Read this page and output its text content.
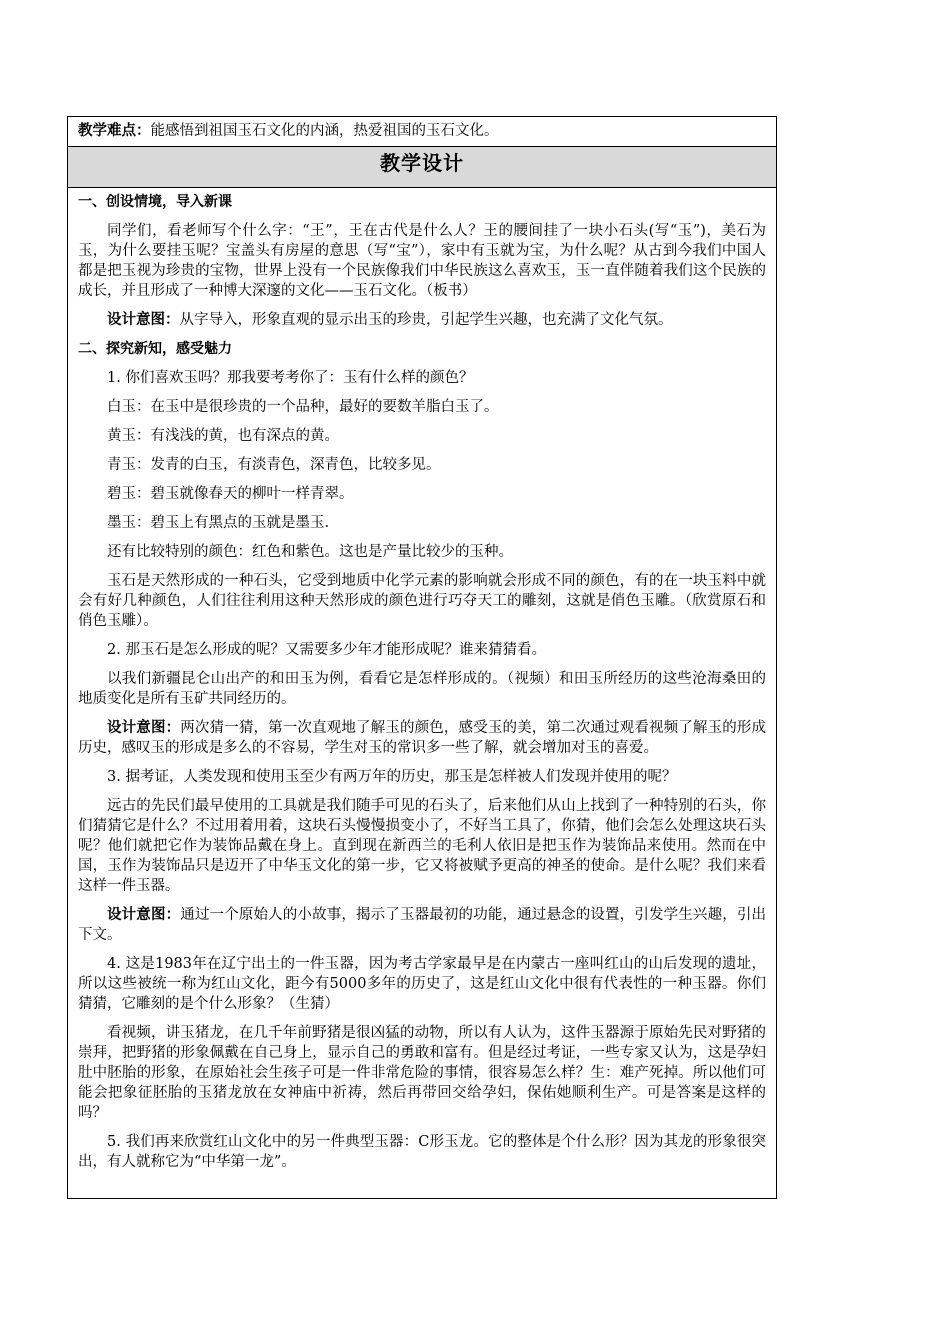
教学难点：能感悟到祖国玉石文化的内涵，热爱祖国的玉石文化。
教学设计

一、创设情境，导入新课

同学们，看老师写个什么字：“王”，王在古代是什么人？王的腰间挂了一块小石头(写“玉”)，美石为玉，为什么要挂玉呢？宝盖头有房屋的意思（写“宝”），家中有玉就为宝，为什么呢？从古到今我们中国人都是把玉视为珍贵的宝物，世界上没有一个民族像我们中华民族这么喜欢玉，玉一直伴随着我们这个民族的成长，并且形成了一种博大深邃的文化——玉石文化。（板书）

设计意图：从字导入，形象直观的显示出玉的珍贵，引起学生兴趣，也充满了文化气氛。

二、探究新知，感受魅力

1. 你们喜欢玉吗？那我要考考你了：玉有什么样的颜色？

白玉：在玉中是很珍贵的一个品种，最好的要数羊脂白玉了。

黄玉：有浅浅的黄，也有深点的黄。

青玉：发青的白玉，有淡青色，深青色，比较多见。

碧玉：碧玉就像春天的柳叶一样青翠。

墨玉：碧玉上有黑点的玉就是墨玉.

还有比较特别的颜色：红色和紫色。这也是产量比较少的玉种。

玉石是天然形成的一种石头，它受到地质中化学元素的影响就会形成不同的颜色，有的在一块玉料中就会有好几种颜色，人们往往利用这种天然形成的颜色进行巧夺天工的雕刻，这就是俏色玉雕。（欣赏原石和俏色玉雕）。

2. 那玉石是怎么形成的呢？又需要多少年才能形成呢？谁来猜猜看。

以我们新疆昆仑山出产的和田玉为例，看看它是怎样形成的。（视频）和田玉所经历的这些沧海桑田的地质变化是所有玉矿共同经历的。

设计意图：两次猜一猜，第一次直观地了解玉的颜色，感受玉的美，第二次通过观看视频了解玉的形成历史，感叹玉的形成是多么的不容易，学生对玉的常识多一些了解，就会增加对玉的喜爱。

3. 据考证，人类发现和使用玉至少有两万年的历史，那玉是怎样被人们发现并使用的呢？

远古的先民们最早使用的工具就是我们随手可见的石头了，后来他们从山上找到了一种特别的石头，你们猜猜它是什么？不过用着用着，这块石头慢慢损变小了，不好当工具了，你猜，他们会怎么处理这块石头呢？他们就把它作为装饰品戴在身上。直到现在新西兰的毛利人依旧是把玉作为装饰品来使用。然而在中国，玉作为装饰品只是迈开了中华玉文化的第一步，它又将被赋予更高的神圣的使命。是什么呢？我们来看这样一件玉器。

设计意图：通过一个原始人的小故事，揭示了玉器最初的功能，通过悬念的设置，引发学生兴趣，引出下文。

4. 这是1983年在辽宁出土的一件玉器，因为考古学家最早是在内蒙古一座叫红山的山后发现的遗址，所以这些被统一称为红山文化，距今有5000多年的历史了，这是红山文化中很有代表性的一种玉器。你们猜猜，它雕刻的是个什么形象？（生猜）

看视频，讲玉猪龙，在几千年前野猪是很凶猛的动物，所以有人认为，这件玉器源于原始先民对野猪的崇拜，把野猪的形象佩戴在自己身上，显示自己的勇敢和富有。但是经过考证，一些专家又认为，这是孕妇肚中胚胎的形象，在原始社会生孩子可是一件非常危险的事情，很容易怎么样？生：难产死掉。所以他们可能会把象征胚胎的玉猪龙放在女神庙中祈祷，然后再带回交给孕妇，保佑她顺利生产。可是答案是这样的吗？

5. 我们再来欣赏红山文化中的另一件典型玉器：C形玉龙。它的整体是个什么形？因为其龙的形象很突出，有人就称它为“中华第一龙”。
